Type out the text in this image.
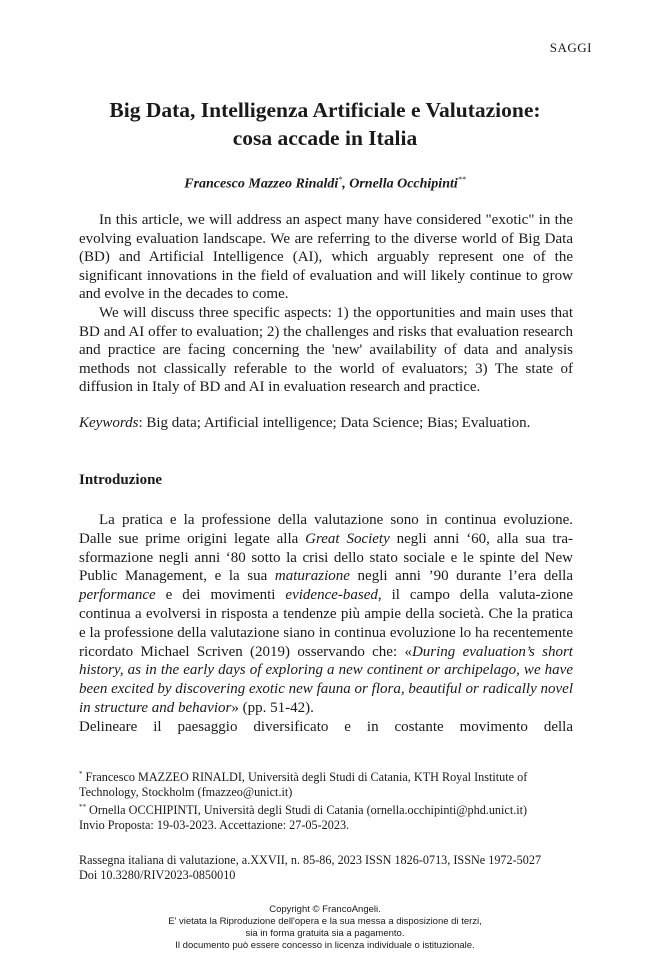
SAGGI
Big Data, Intelligenza Artificiale e Valutazione:
cosa accade in Italia
Francesco Mazzeo Rinaldi*, Ornella Occhipinti**

In this article, we will address an aspect many have considered "exotic" in the evolving evaluation landscape. We are referring to the diverse world of Big Data (BD) and Artificial Intelligence (AI), which arguably represent one of the significant innovations in the field of evaluation and will likely continue to grow and evolve in the decades to come.

We will discuss three specific aspects: 1) the opportunities and main uses that BD and AI offer to evaluation; 2) the challenges and risks that evaluation research and practice are facing concerning the 'new' availability of data and analysis methods not classically referable to the world of evaluators; 3) The state of diffusion in Italy of BD and AI in evaluation research and practice.

Keywords: Big data; Artificial intelligence; Data Science; Bias; Evaluation.
Introduzione

La pratica e la professione della valutazione sono in continua evoluzione. Dalle sue prime origini legate alla Great Society negli anni ‘60, alla sua tra-sformazione negli anni ‘80 sotto la crisi dello stato sociale e le spinte del New Public Management, e la sua maturazione negli anni ’90 durante l’era della performance e dei movimenti evidence-based, il campo della valuta-zione continua a evolversi in risposta a tendenze più ampie della società. Che la pratica e la professione della valutazione siano in continua evoluzione lo ha recentemente ricordato Michael Scriven (2019) osservando che: «During evaluation’s short history, as in the early days of exploring a new continent or archipelago, we have been excited by discovering exotic new fauna or flora, beautiful or radically novel in structure and behavior» (pp. 51-42).
Delineare il paesaggio diversificato e in costante movimento della

* Francesco MAZZEO RINALDI, Università degli Studi di Catania, KTH Royal Institute of Technology, Stockholm (fmazzeo@unict.it)

** Ornella OCCHIPINTI, Università degli Studi di Catania (ornella.occhipinti@phd.unict.it)

Invio Proposta: 19-03-2023. Accettazione: 27-05-2023.

Rassegna italiana di valutazione, a.XXVII, n. 85-86, 2023 ISSN 1826-0713, ISSNe 1972-5027

Doi 10.3280/RIV2023-0850010

Copyright © FrancoAngeli.

E' vietata la Riproduzione dell'opera e la sua messa a disposizione di terzi,

sia in forma gratuita sia a pagamento.

Il documento può essere concesso in licenza individuale o istituzionale.
